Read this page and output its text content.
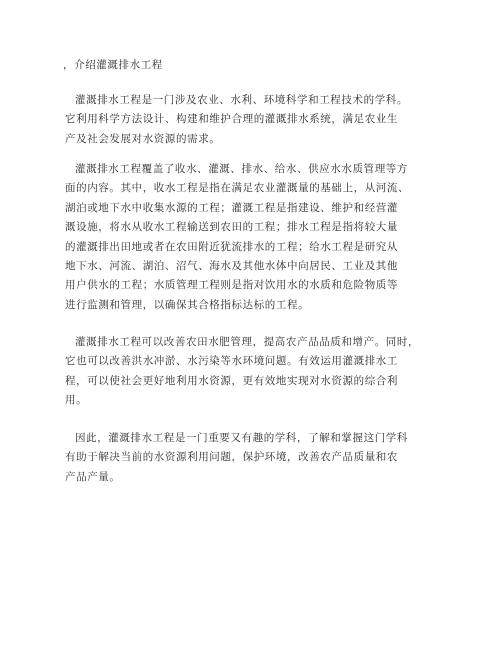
，介绍灌溉排水工程

灌溉排水工程是一门涉及农业、水利、环境科学和工程技术的学科。
它利用科学方法设计、构建和维护合理的灌溉排水系统，满足农业生
产及社会发展对水资源的需求。

灌溉排水工程覆盖了收水、灌溉、排水、给水、供应水水质管理等方
面的内容。其中，收水工程是指在满足农业灌溉量的基础上，从河流、
湖泊或地下水中收集水源的工程；灌溉工程是指建设、维护和经营灌
溉设施，将水从收水工程输送到农田的工程；排水工程是指将较大量
的灌溉排出田地或者在农田附近犹流排水的工程；给水工程是研究从
地下水、河流、湖泊、沼气、海水及其他水体中向居民、工业及其他
用户供水的工程；水质管理工程则是指对饮用水的水质和危险物质等
进行监测和管理，以确保其合格指标达标的工程。

灌溉排水工程可以改善农田水肥管理，提高农产品品质和增产。同时，
它也可以改善洪水冲淤、水污染等水环境问题。有效运用灌溉排水工
程，可以使社会更好地利用水资源，更有效地实现对水资源的综合利
用。

因此，灌溉排水工程是一门重要又有趣的学科，了解和掌握这门学科
有助于解决当前的水资源利用问题，保护环境，改善农产品质量和农
产品产量。
